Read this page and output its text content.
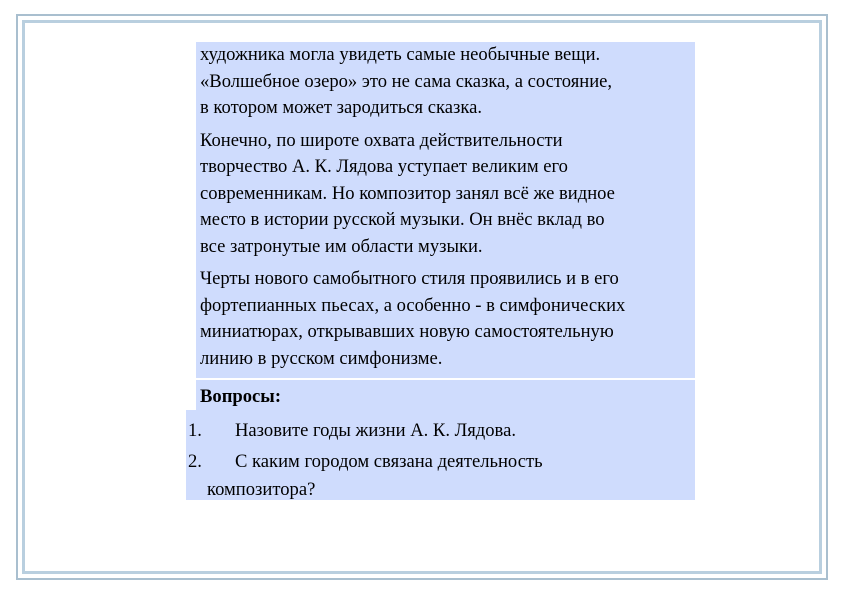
художника могла увидеть самые необычные вещи.
«Волшебное озеро» это не сама сказка, а состояние,
в котором может зародиться сказка.

Конечно, по широте охвата действительности
творчество А. К. Лядова уступает великим его
современникам. Но композитор занял всё же видное
место в истории русской музыки. Он внёс вклад во
все затронутые им области музыки.

Черты нового самобытного стиля проявились и в его
фортепианных пьесах, а особенно - в симфонических
миниатюрах, открывавших новую самостоятельную
линию в русском симфонизме.

Вопросы:
1. Назовите годы жизни А. К. Лядова.
2. С каким городом связана деятельность
композитора?
